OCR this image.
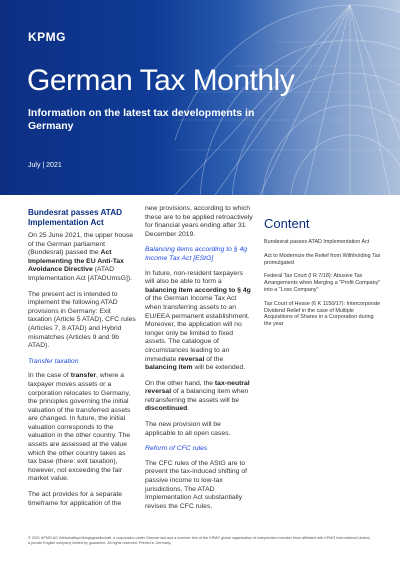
KPMG
German Tax Monthly
Information on the latest tax developments in Germany
July | 2021
Bundesrat passes ATAD Implementation Act
On 25 June 2021, the upper house of the German parliament (Bundesrat) passed the Act Implementing the EU Anti-Tax Avoidance Directive (ATAD Implementation Act [ATADUmsG]).
The present act is intended to implement the following ATAD provisions in Germany: Exit taxation (Article 5 ATAD), CFC rules (Articles 7, 8 ATAD) and Hybrid mismatches (Articles 9 and 9b ATAD).
Transfer taxation
In the case of transfer, where a taxpayer moves assets or a corporation relocates to Germany, the principles governing the initial valuation of the transferred assets are changed. In future, the initial valuation corresponds to the valuation in the other country. The assets are assessed at the value which the other country takes as tax base (there: exit taxation), however, not exceeding the fair market value.
The act provides for a separate timeframe for application of the
new provisions, according to which these are to be applied retroactively for financial years ending after 31 December 2019.
Balancing items according to § 4g Income Tax Act [EStG]
In future, non-resident taxpayers will also be able to form a balancing item according to § 4g of the German Income Tax Act when transferring assets to an EU/EEA permanent establishment. Moreover, the application will no longer only be limited to fixed assets. The catalogue of circumstances leading to an immediate reversal of the balancing item will be extended.
On the other hand, the tax-neutral reversal of a balancing item when retransferring the assets will be discontinued.
The new provision will be applicable to all open cases.
Reform of CFC rules
The CFC rules of the AStG are to prevent the tax-induced shifting of passive income to low-tax jurisdictions. The ATAD Implementation Act substantially revises the CFC rules.
Content
Bundesrat passes ATAD Implementation Act
Act to Modernize the Relief from Withholding Tax promulgated
Federal Tax Court (I R 7/18): Abusive Tax Arrangements when Merging a "Profit Company" into a "Loss Company"
Tax Court of Hesse (6 K 1150/17): Intercorporate Dividend Relief in the case of Multiple Acquisitions of Shares in a Corporation during the year
© 2021 KPMG AG Wirtschaftsprüfungsgesellschaft, a corporation under German law and a member firm of the KPMG global organization of independent member firms affiliated with KPMG International Limited, a private English company limited by guarantee. All rights reserved. Printed in Germany.
